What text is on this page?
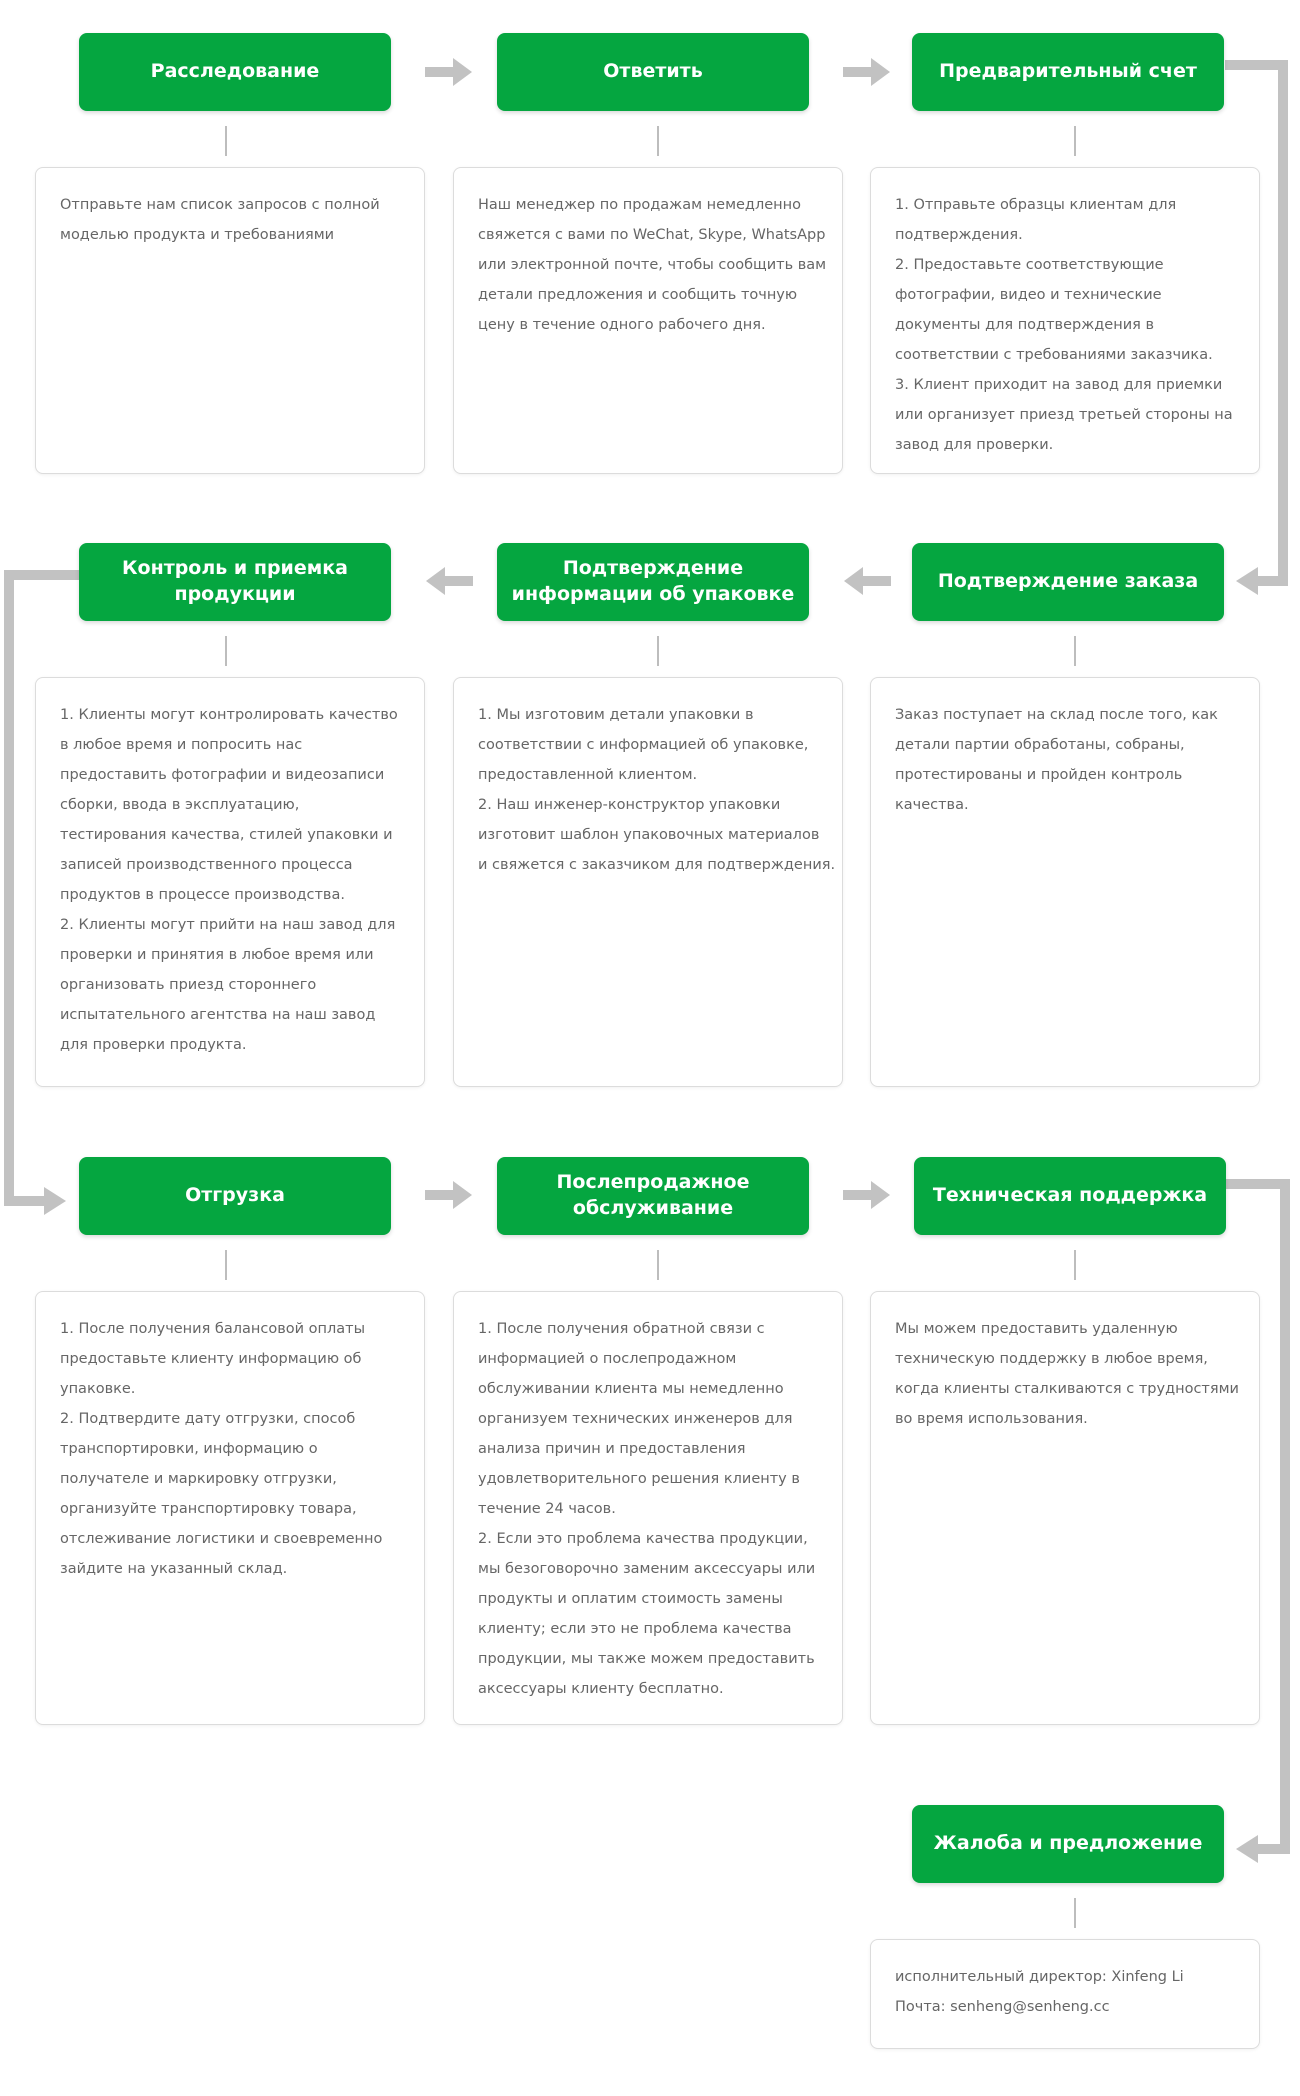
Расследование
Отправьте нам список запросов с полной
моделью продукта и требованиями
Ответить
Наш менеджер по продажам немедленно
свяжется с вами по WeChat, Skype, WhatsApp
или электронной почте, чтобы сообщить вам
детали предложения и сообщить точную
цену в течение одного рабочего дня.
Предварительный счет
1. Отправьте образцы клиентам для
подтверждения.
2. Предоставьте соответствующие
фотографии, видео и технические
документы для подтверждения в
соответствии с требованиями заказчика.
3. Клиент приходит на завод для приемки
или организует приезд третьей стороны на
завод для проверки.
Контроль и приемка продукции
1. Клиенты могут контролировать качество
в любое время и попросить нас
предоставить фотографии и видеозаписи
сборки, ввода в эксплуатацию,
тестирования качества, стилей упаковки и
записей производственного процесса
продуктов в процессе производства.
2. Клиенты могут прийти на наш завод для
проверки и принятия в любое время или
организовать приезд стороннего
испытательного агентства на наш завод
для проверки продукта.
Подтверждение информации об упаковке
1. Мы изготовим детали упаковки в
соответствии с информацией об упаковке,
предоставленной клиентом.
2. Наш инженер-конструктор упаковки
изготовит шаблон упаковочных материалов
и свяжется с заказчиком для подтверждения.
Подтверждение заказа
Заказ поступает на склад после того, как
детали партии обработаны, собраны,
протестированы и пройден контроль
качества.
Отгрузка
1. После получения балансовой оплаты
предоставьте клиенту информацию об
упаковке.
2. Подтвердите дату отгрузки, способ
транспортировки, информацию о
получателе и маркировку отгрузки,
организуйте транспортировку товара,
отслеживание логистики и своевременно
зайдите на указанный склад.
Послепродажное обслуживание
1. После получения обратной связи с
информацией о послепродажном
обслуживании клиента мы немедленно
организуем технических инженеров для
анализа причин и предоставления
удовлетворительного решения клиенту в
течение 24 часов.
2. Если это проблема качества продукции,
мы безоговорочно заменим аксессуары или
продукты и оплатим стоимость замены
клиенту; если это не проблема качества
продукции, мы также можем предоставить
аксессуары клиенту бесплатно.
Техническая поддержка
Мы можем предоставить удаленную
техническую поддержку в любое время,
когда клиенты сталкиваются с трудностями
во время использования.
Жалоба и предложение
исполнительный директор: Xinfeng Li
Почта: senheng@senheng.cc
